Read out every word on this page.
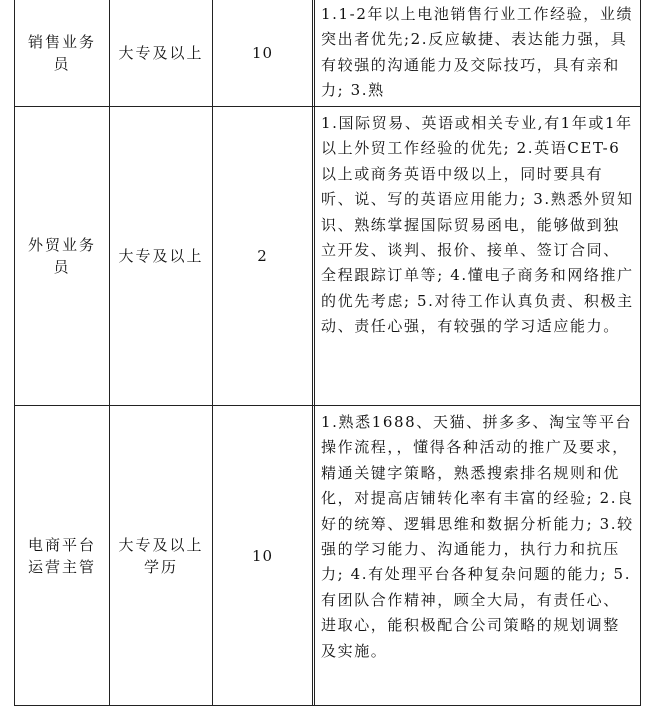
销售业务员
大专及以上	10
1.1-2年以上电池销售行业工作经验，业绩突出者优先;2.反应敏捷、表达能力强，具有较强的沟通能力及交际技巧，具有亲和力; 3.熟
外贸业务员
大专及以上	2
1.国际贸易、英语或相关专业,有1年或1年以上外贸工作经验的优先; 2.英语CET-6以上或商务英语中级以上，同时要具有听、说、写的英语应用能力; 3.熟悉外贸知识、熟练掌握国际贸易函电，能够做到独立开发、谈判、报价、接单、签订合同、全程跟踪订单等; 4.懂电子商务和网络推广的优先考虑; 5.对待工作认真负责、积极主动、责任心强，有较强的学习适应能力。
电商平台运营主管
大专及以上学历
10
1.熟悉1688、天猫、拼多多、淘宝等平台操作流程，，懂得各种活动的推广及要求，精通关键字策略，熟悉搜索排名规则和优化，对提高店铺转化率有丰富的经验; 2.良好的统筹、逻辑思维和数据分析能力; 3.较强的学习能力、沟通能力，执行力和抗压力; 4.有处理平台各种复杂问题的能力; 5.有团队合作精神，顾全大局，有责任心、进取心，能积极配合公司策略的规划调整及实施。
